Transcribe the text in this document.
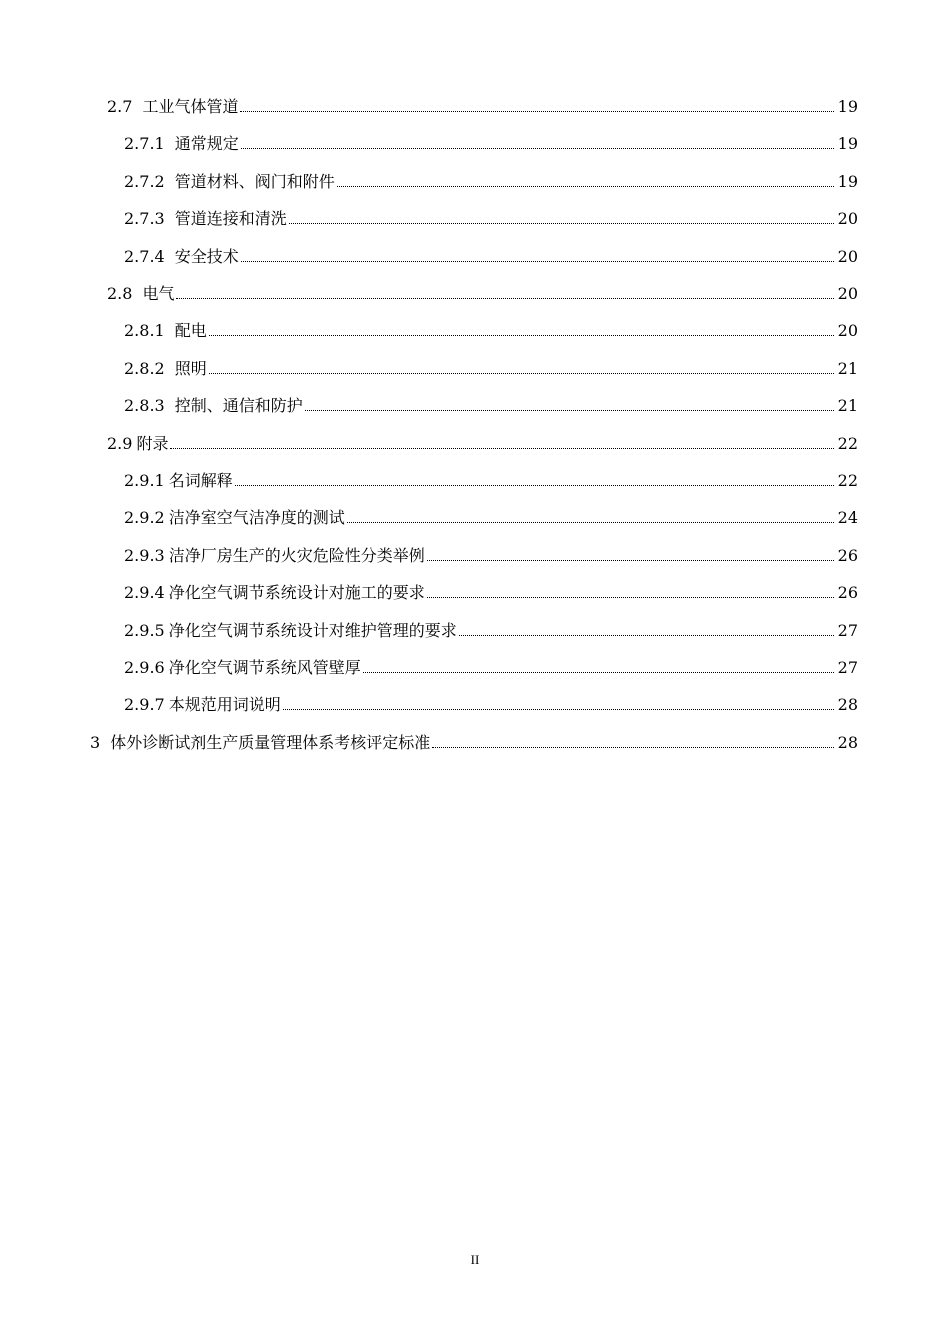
2.7 工业气体管道	19
2.7.1 通常规定	19
2.7.2 管道材料、阀门和附件	19
2.7.3 管道连接和清洗	20
2.7.4 安全技术	20
2.8 电气	20
2.8.1 配电	20
2.8.2 照明	21
2.8.3 控制、通信和防护	21
2.9 附录	22
2.9.1 名词解释	22
2.9.2 洁净室空气洁净度的测试	24
2.9.3 洁净厂房生产的火灾危险性分类举例	26
2.9.4 净化空气调节系统设计对施工的要求	26
2.9.5 净化空气调节系统设计对维护管理的要求	27
2.9.6 净化空气调节系统风管壁厚	27
2.9.7 本规范用词说明	28
3 体外诊断试剂生产质量管理体系考核评定标准	28
II
